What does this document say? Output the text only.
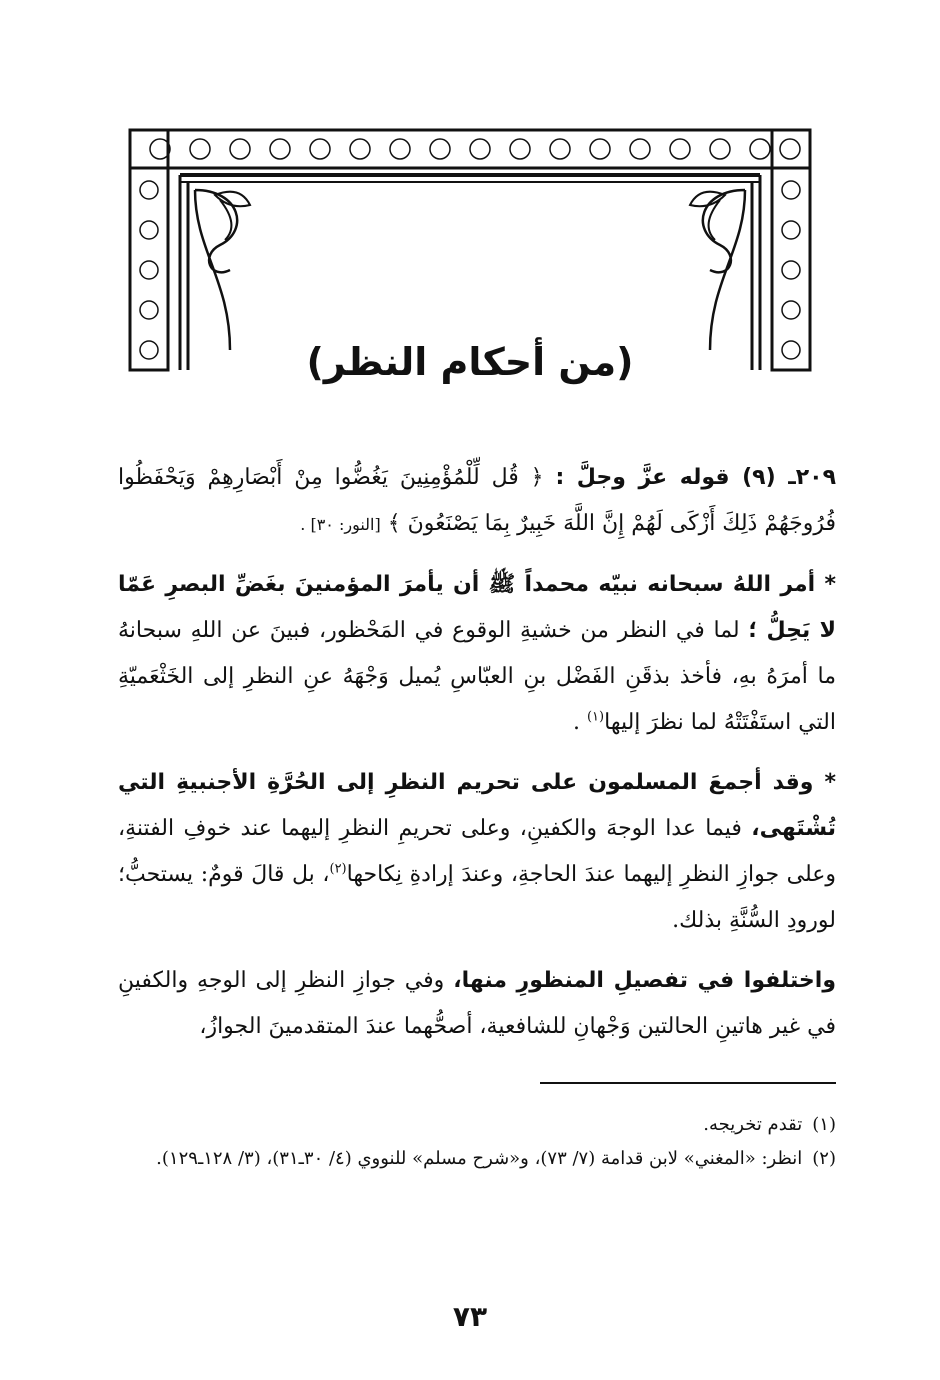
(من أحكام النظر)

٢٠٩ـ (٩) قوله عزَّ وجلَّ : ﴿ قُل لِّلْمُؤْمِنِينَ يَغُضُّوا مِنْ أَبْصَارِهِمْ وَيَحْفَظُوا فُرُوجَهُمْ ذَلِكَ أَزْكَى لَهُمْ إِنَّ اللَّهَ خَبِيرٌ بِمَا يَصْنَعُونَ ﴾ [النور: ٣٠] .

* أمر اللهُ سبحانه نبيّه محمداً ﷺ أن يأمرَ المؤمنينَ بغَضِّ البصرِ عَمّا لا يَحِلُّ ؛ لما في النظر من خشيةِ الوقوع في المَحْظور، فبينَ عن اللهِ سبحانهُ ما أمرَهُ بهِ، فأخذ بذقَنِ الفَضْل بنِ العبّاسِ يُميل وَجْهَهُ عنِ النظرِ إلى الخَثْعَميّةِ التي استَفْتَتْهُ لما نظرَ إليها$^{(١)}$ .

* وقد أجمعَ المسلمون على تحريم النظرِ إلى الحُرَّةِ الأجنبيةِ التي تُشْتَهى، فيما عدا الوجهَ والكفينِ، وعلى تحريمِ النظرِ إليهما عند خوفِ الفتنةِ، وعلى جوازِ النظرِ إليهما عندَ الحاجةِ، وعندَ إرادةِ نِكاحها$^{(٢)}$، بل قالَ قومٌ: يستحبُّ؛ لورودِ السُّنَّةِ بذلك.

واختلفوا في تفصيلِ المنظورِ منها، وفي جوازِ النظرِ إلى الوجهِ والكفينِ في غير هاتينِ الحالتين وَجْهانِ للشافعية، أصحُّهما عندَ المتقدمينَ الجوازُ،

(١)
تقدم تخريجه.
(٢)
انظر: «المغني» لابن قدامة (٧/ ٧٣)، و«شرح مسلم» للنووي (٤/ ٣٠ـ٣١)، (٣/ ١٢٨ـ١٢٩).
٧٣
